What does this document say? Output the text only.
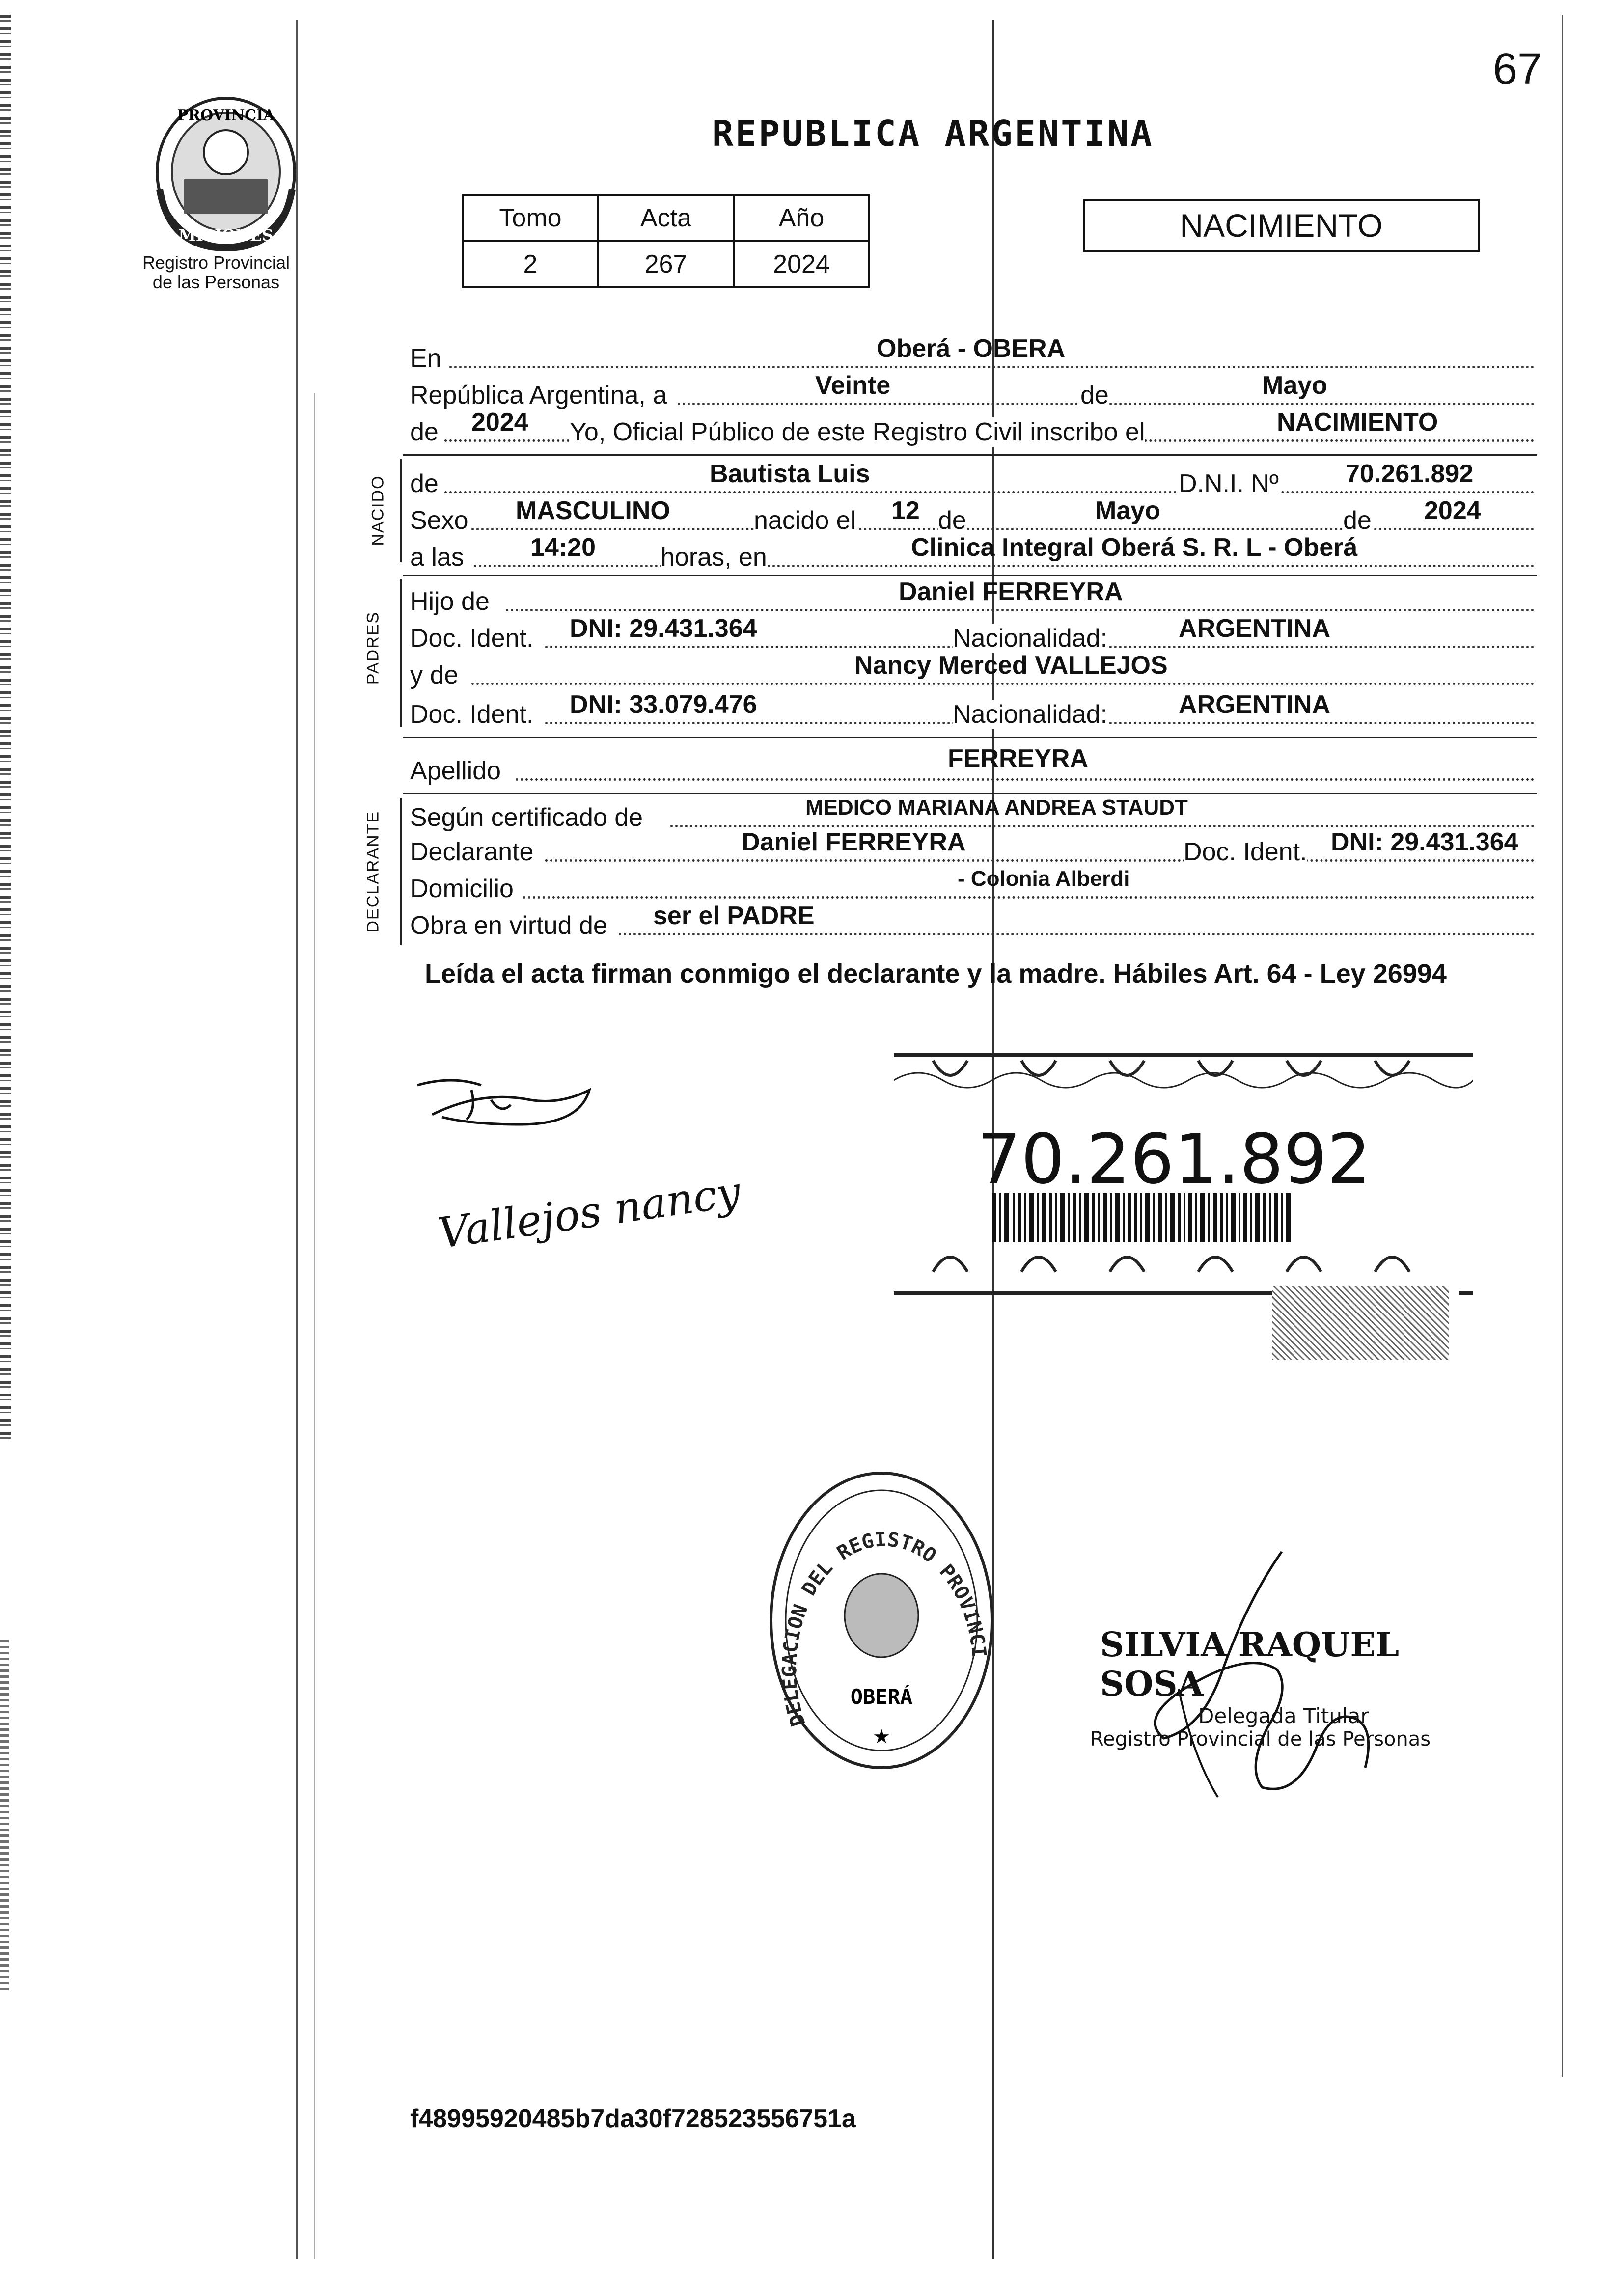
67
PROVINCIA
MISIONES
Registro Provincial
de las Personas
REPUBLICA ARGENTINA
Tomo	Acta	Año
2	267	2024
NACIMIENTO
En	Oberá - OBERA
República Argentina, a	Veinte	de	Mayo
de 2024 Yo, Oficial Público de este Registro Civil inscribo el	NACIMIENTO
NACIDO de	Bautista Luis	D.N.I. Nº	70.261.892
Sexo MASCULINO	nacido el 12 de	Mayo	de 2024
a las	14:20	horas, en	Clinica Integral Oberá S. R. L - Oberá
PADRES
Hijo de	Daniel FERREYRA
Doc. Ident. DNI: 29.431.364	Nacionalidad:	ARGENTINA
y de	Nancy Merced VALLEJOS
Doc. Ident. DNI: 33.079.476	Nacionalidad:	ARGENTINA
Apellido	FERREYRA
DECLARANTE Según certificado de	MEDICO MARIANA ANDREA STAUDT
Declarante	Daniel FERREYRA	Doc. Ident. DNI: 29.431.364
Domicilio	- Colonia Alberdi
Obra en virtud de ser el PADRE
Leída el acta firman conmigo el declarante y la madre. Hábiles Art. 64 - Ley 26994
Vallejos nancy
70.261.892
DELEGACION DEL REGISTRO PROVINCI
OBERÁ
★
SILVIA RAQUEL SOSA
Delegada Titular
Registro Provincial de las Personas
f48995920485b7da30f728523556751a
